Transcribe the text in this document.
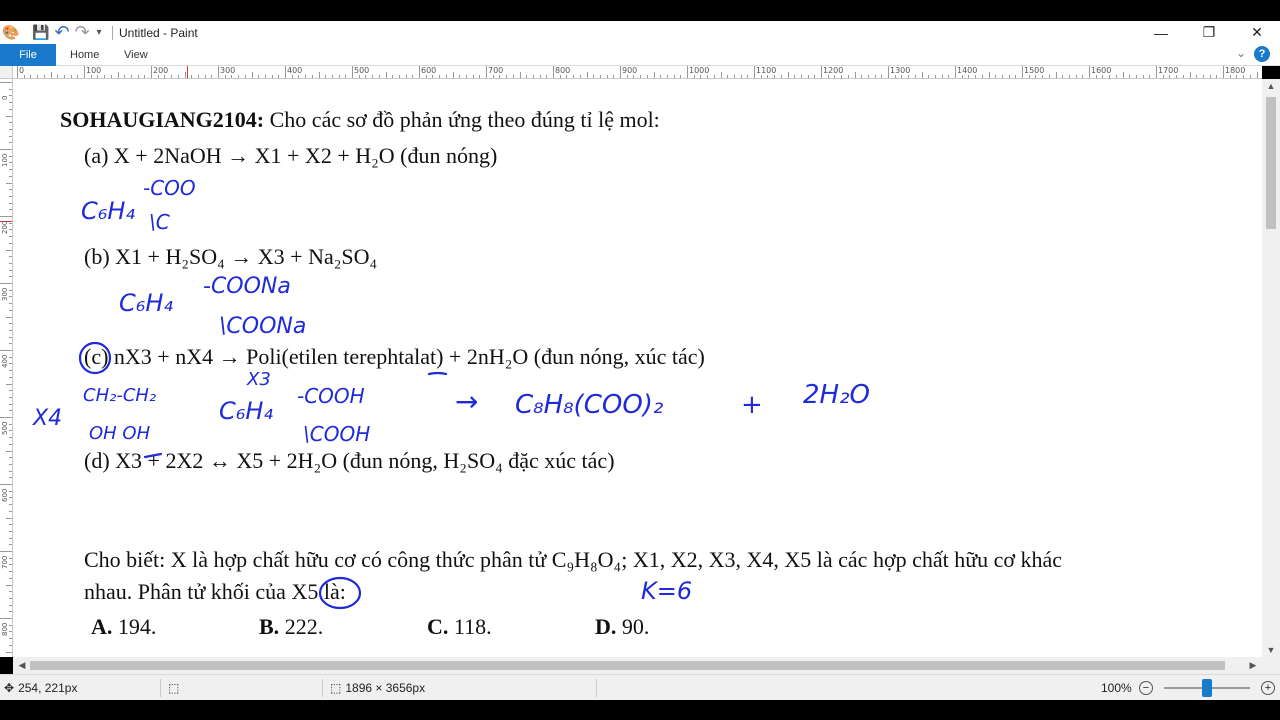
🎨 💾 ↶ ↷ ▾	Untitled - Paint	—	❐	✕
File	Home View	⌄	?
0	100	200	300	400	500	600	700	800	900	1000	1100	1200	1300	1400	1500	1600	1700	1800
0
100
200
300
400
500
600
700
800
SOHAUGIANG2104: Cho các sơ đồ phản ứng theo đúng tỉ lệ mol:
(a) X + 2NaOH → X1 + X2 + H₂O (đun nóng)
(b) X1 + H₂SO₄ → X3 + Na₂SO₄
(c) nX3 + nX4 → Poli(etilen terephtalat) + 2nH₂O (đun nóng, xúc tác)
(d) X3 + 2X2 ↔ X5 + 2H₂O (đun nóng, H₂SO₄ đặc xúc tác)
Cho biết: X là hợp chất hữu cơ có công thức phân tử C₉H₈O₄; X1, X2, X3, X4, X5 là các hợp chất hữu cơ khác
nhau. Phân tử khối của X5 là:
A. 194.	B. 222.	C. 118.	D. 90.
C₆H₄
-COO
\C
C₆H₄
-COONa
\COONa
X4
CH₂-CH₂
OH OH
X3
C₆H₄
-COOH
\COOH
→ C₈H₈(COO)₂	+ 2H₂O
K=6
▲
▼
◀	▶
✥ 254, 221px	⬚	⬚ 1896 × 3656px	100%	−	+
